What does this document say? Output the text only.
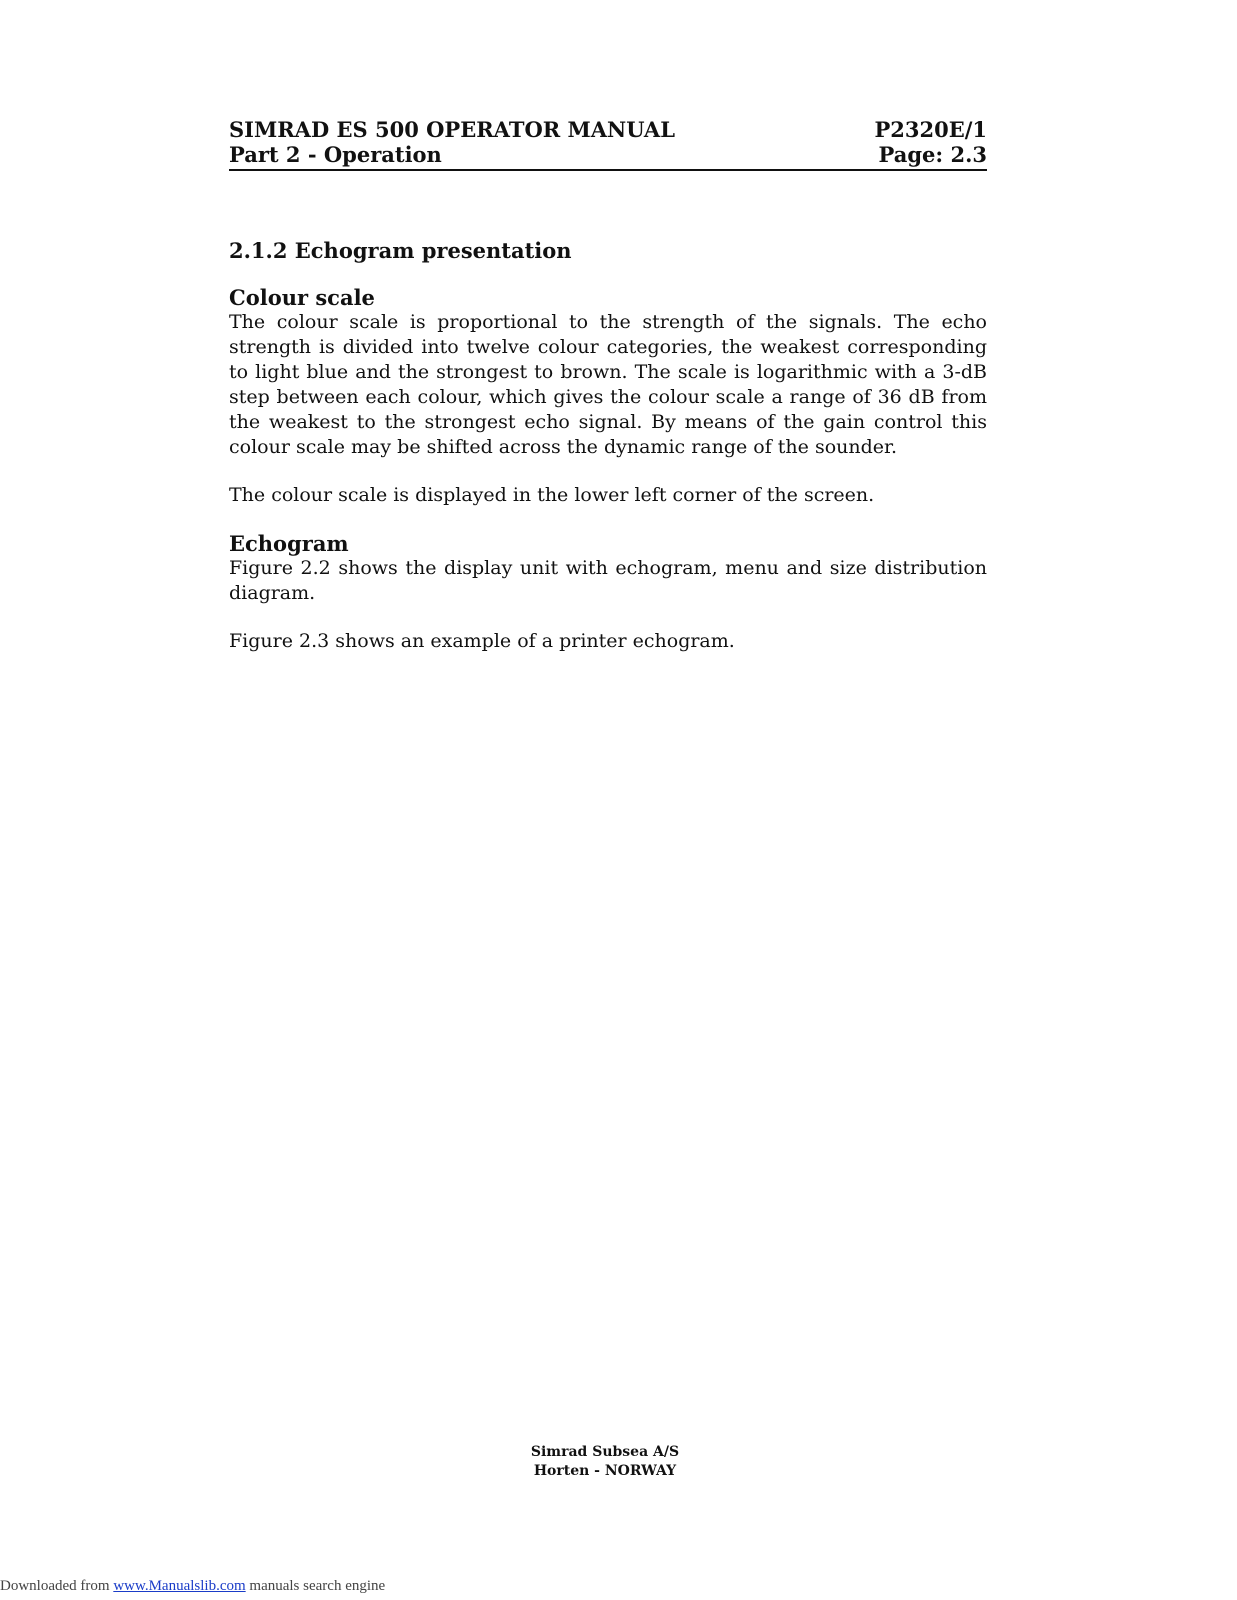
SIMRAD ES 500 OPERATOR MANUAL	P2320E/1
Part 2 - Operation	Page: 2.3
2.1.2 Echogram presentation
Colour scale

The colour scale is proportional to the strength of the signals. The echo strength is divided into twelve colour categories, the weakest corresponding to light blue and the strongest to brown. The scale is logarithmic with a 3-dB step between each colour, which gives the colour scale a range of 36 dB from the weakest to the strongest echo signal. By means of the gain control this colour scale may be shifted across the dynamic range of the sounder.

The colour scale is displayed in the lower left corner of the screen.

Echogram

Figure 2.2 shows the display unit with echogram, menu and size distribution diagram.

Figure 2.3 shows an example of a printer echogram.

Simrad Subsea A/S
Horten - NORWAY
Downloaded from www.Manualslib.com manuals search engine
